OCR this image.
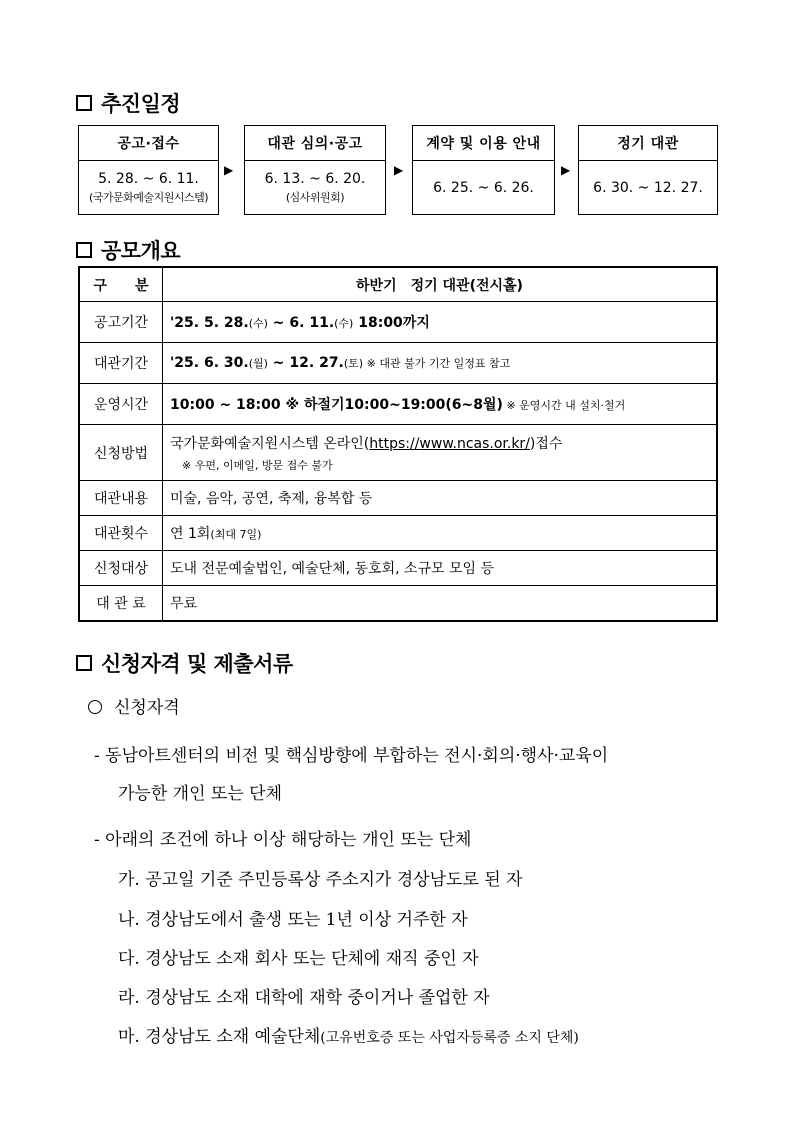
추진일정
공고·접수
5. 28. ~ 6. 11.
(국가문화예술지원시스템)
▶
대관 심의·공고
6. 13. ~ 6. 20.
(심사위원회)
▶
계약 및 이용 안내
6. 25. ~ 6. 26.
▶
정기 대관
6. 30. ~ 12. 27.
공모개요
구　　분	하반기　정기 대관(전시홀)
공고기간	'25. 5. 28.(수) ~ 6. 11.(수) 18:00까지
대관기간	'25. 6. 30.(월) ~ 12. 27.(토) ※ 대관 불가 기간 일정표 참고
운영시간	10:00 ~ 18:00 ※ 하절기10:00~19:00(6~8월) ※ 운영시간 내 설치·철거
신청방법	국가문화예술지원시스템 온라인(https://www.ncas.or.kr/)접수
※ 우편, 이메일, 방문 접수 불가

대관내용	미술, 음악, 공연, 축제, 융복합 등
대관횟수	연 1회(최대 7일)
신청대상	도내 전문예술법인, 예술단체, 동호회, 소규모 모임 등
대 관 료	무료
신청자격 및 제출서류
신청자격
- 동남아트센터의 비전 및 핵심방향에 부합하는 전시·회의·행사·교육이
가능한 개인 또는 단체
- 아래의 조건에 하나 이상 해당하는 개인 또는 단체
가. 공고일 기준 주민등록상 주소지가 경상남도로 된 자
나. 경상남도에서 출생 또는 1년 이상 거주한 자
다. 경상남도 소재 회사 또는 단체에 재직 중인 자
라. 경상남도 소재 대학에 재학 중이거나 졸업한 자
마. 경상남도 소재 예술단체(고유번호증 또는 사업자등록증 소지 단체)
